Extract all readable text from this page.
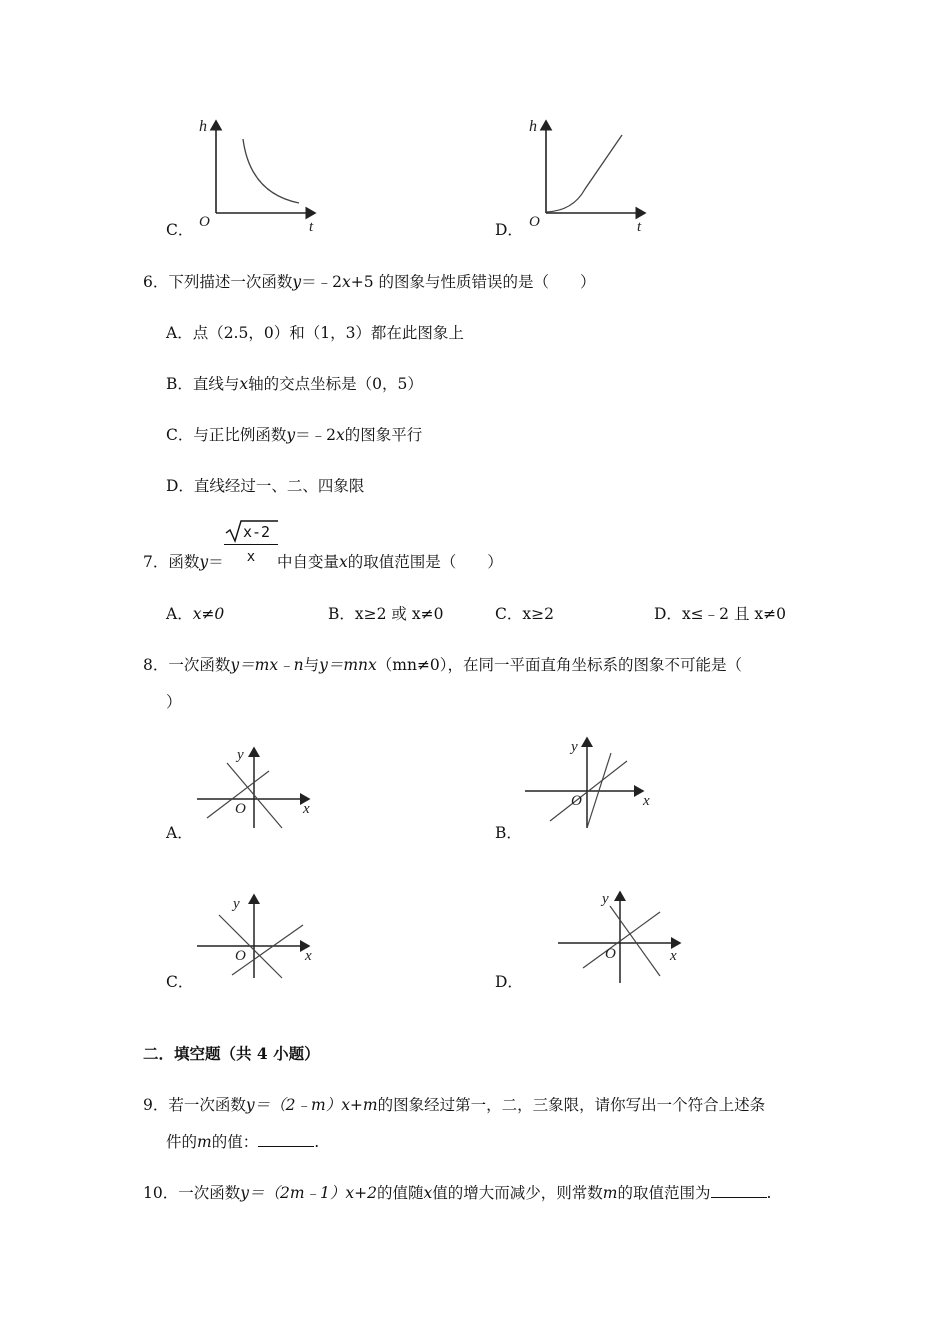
C．
h
O	t	D．
h
O	t
6．下列描述一次函数y＝﹣2x+5 的图象与性质错误的是（　　）
A．点（2.5，0）和（1，3）都在此图象上
B．直线与x轴的交点坐标是（0，5）
C．与正比例函数y＝﹣2x的图象平行
D．直线经过一、二、四象限
7．函数y＝
x-2
x	中自变量x的取值范围是（　　）
A．x≠0	B．x≥2 或 x≠0	C．x≥2	D．x≤﹣2 且 x≠0
8．一次函数y＝mx﹣n与y＝mnx（mn≠0），在同一平面直角坐标系的图象不可能是（
）
A．
y
O	x
B．
y
O	x
C．
y
O	x
D．
y
O	x
二．填空题（共 4 小题）
9．若一次函数y＝（2﹣m）x+m的图象经过第一，二，三象限，请你写出一个符合上述条
件的m的值：	.
10．一次函数y＝（2m﹣1）x+2的值随x值的增大而减少，则常数m的取值范围为	.
